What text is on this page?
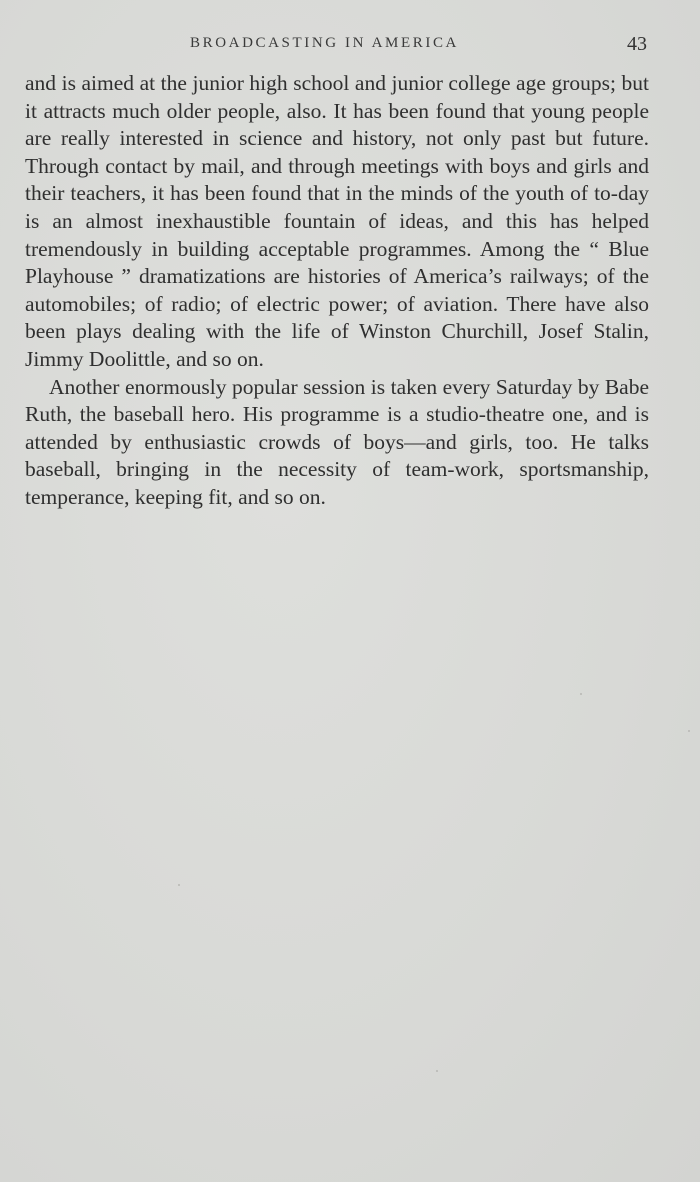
BROADCASTING IN AMERICA	43

and is aimed at the junior high school and junior college age groups; but it attracts much older people, also. It has been found that young people are really interested in science and history, not only past but future. Through contact by mail, and through meetings with boys and girls and their teachers, it has been found that in the minds of the youth of to-day is an almost inexhaustible fountain of ideas, and this has helped tremendously in building acceptable programmes. Among the “ Blue Playhouse ” dramatizations are histories of America’s railways; of the automobiles; of radio; of electric power; of aviation. There have also been plays dealing with the life of Winston Churchill, Josef Stalin, Jimmy Doolittle, and so on.

Another enormously popular session is taken every Saturday by Babe Ruth, the baseball hero. His programme is a studio-theatre one, and is attended by enthusiastic crowds of boys—and girls, too. He talks baseball, bringing in the necessity of team-work, sportsmanship, temperance, keeping fit, and so on.
